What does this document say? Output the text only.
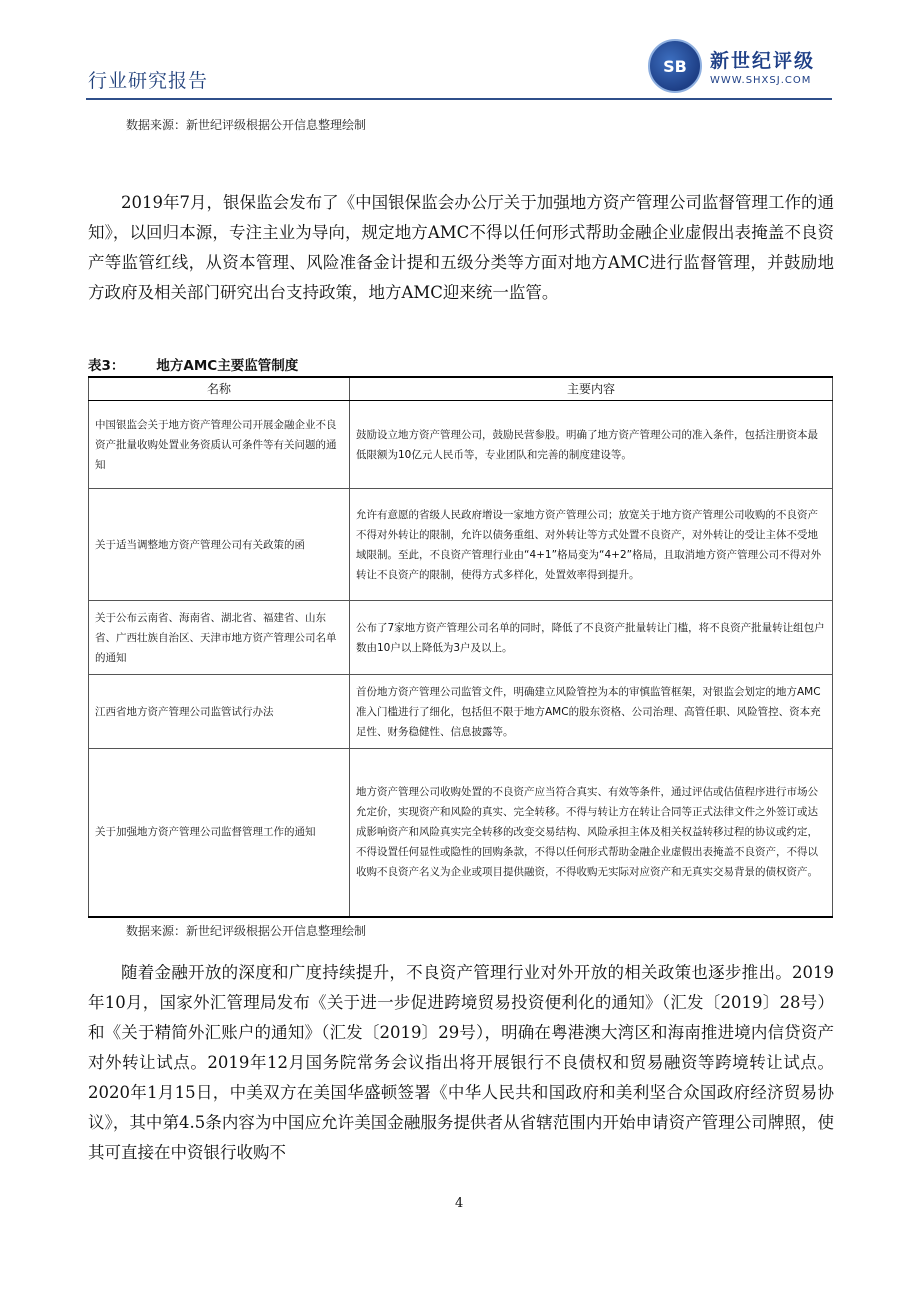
行业研究报告
SB	新世纪评级
WWW.SHXSJ.COM
数据来源：新世纪评级根据公开信息整理绘制

2019年7月，银保监会发布了《中国银保监会办公厅关于加强地方资产管理公司监督管理工作的通知》，以回归本源，专注主业为导向，规定地方AMC不得以任何形式帮助金融企业虚假出表掩盖不良资产等监管红线，从资本管理、风险准备金计提和五级分类等方面对地方AMC进行监督管理，并鼓励地方政府及相关部门研究出台支持政策，地方AMC迎来统一监管。

表3： 地方AMC主要监管制度
名称	主要内容
中国银监会关于地方资产管理公司开展金融企业不良资产批量收购处置业务资质认可条件等有关问题的通知	鼓励设立地方资产管理公司，鼓励民营参股。明确了地方资产管理公司的准入条件，包括注册资本最低限额为10亿元人民币等，专业团队和完善的制度建设等。
关于适当调整地方资产管理公司有关政策的函	允许有意愿的省级人民政府增设一家地方资产管理公司；放宽关于地方资产管理公司收购的不良资产不得对外转让的限制，允许以债务重组、对外转让等方式处置不良资产，对外转让的受让主体不受地域限制。至此，不良资产管理行业由“4+1”格局变为“4+2”格局，且取消地方资产管理公司不得对外转让不良资产的限制，使得方式多样化，处置效率得到提升。
关于公布云南省、海南省、湖北省、福建省、山东省、广西壮族自治区、天津市地方资产管理公司名单的通知	公布了7家地方资产管理公司名单的同时，降低了不良资产批量转让门槛，将不良资产批量转让组包户数由10户以上降低为3户及以上。
江西省地方资产管理公司监管试行办法	首份地方资产管理公司监管文件，明确建立风险管控为本的审慎监管框架，对银监会划定的地方AMC准入门槛进行了细化，包括但不限于地方AMC的股东资格、公司治理、高管任职、风险管控、资本充足性、财务稳健性、信息披露等。
关于加强地方资产管理公司监督管理工作的通知	地方资产管理公司收购处置的不良资产应当符合真实、有效等条件，通过评估或估值程序进行市场公允定价，实现资产和风险的真实、完全转移。不得与转让方在转让合同等正式法律文件之外签订或达成影响资产和风险真实完全转移的改变交易结构、风险承担主体及相关权益转移过程的协议或约定，不得设置任何显性或隐性的回购条款，不得以任何形式帮助金融企业虚假出表掩盖不良资产，不得以收购不良资产名义为企业或项目提供融资，不得收购无实际对应资产和无真实交易背景的债权资产。
数据来源：新世纪评级根据公开信息整理绘制

随着金融开放的深度和广度持续提升，不良资产管理行业对外开放的相关政策也逐步推出。2019年10月，国家外汇管理局发布《关于进一步促进跨境贸易投资便利化的通知》（汇发〔2019〕28号）和《关于精简外汇账户的通知》（汇发〔2019〕29号），明确在粤港澳大湾区和海南推进境内信贷资产对外转让试点。2019年12月国务院常务会议指出将开展银行不良债权和贸易融资等跨境转让试点。2020年1月15日，中美双方在美国华盛顿签署《中华人民共和国政府和美利坚合众国政府经济贸易协议》，其中第4.5条内容为中国应允许美国金融服务提供者从省辖范围内开始申请资产管理公司牌照，使其可直接在中资银行收购不

4
